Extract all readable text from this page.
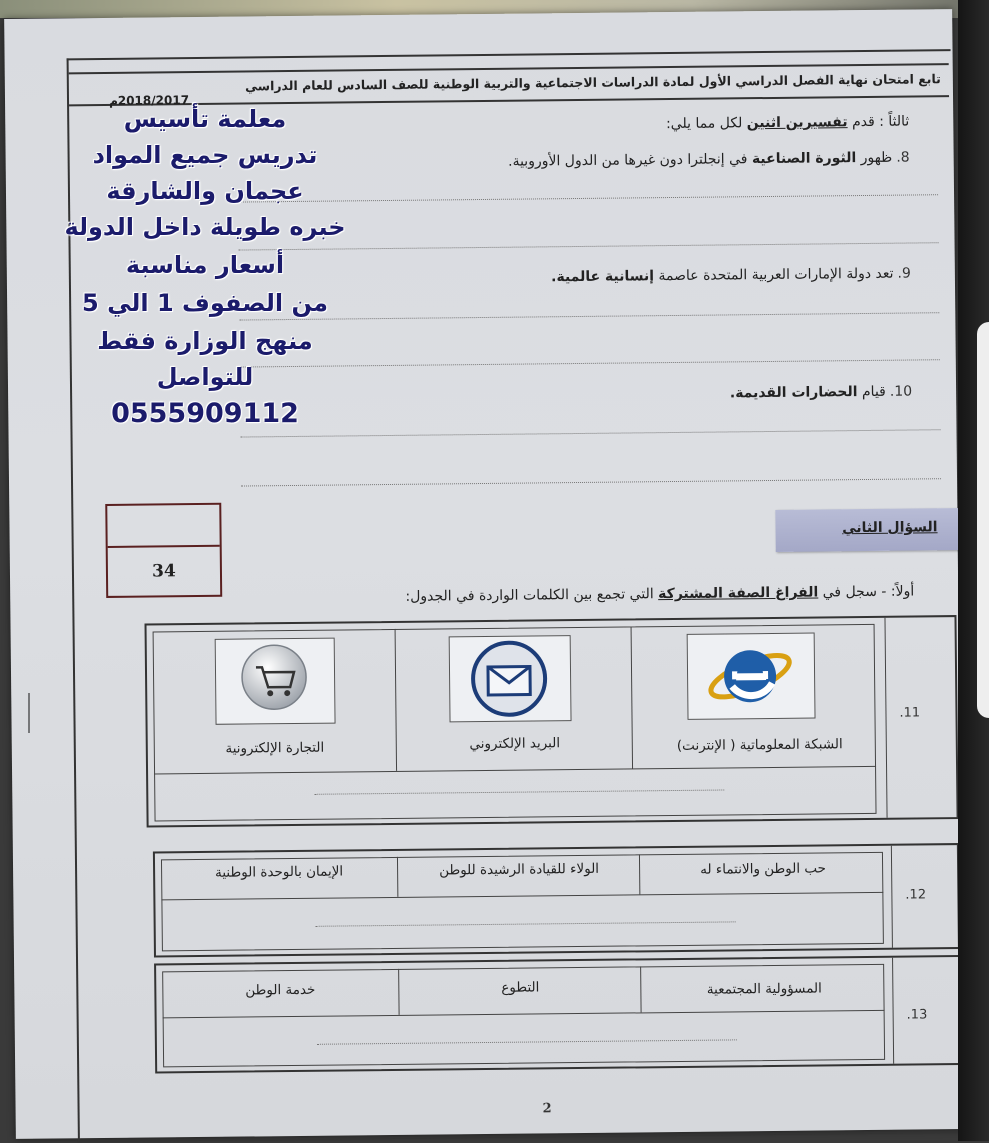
تابع امتحان نهاية الفصل الدراسي الأول لمادة الدراسات الاجتماعية والتربية الوطنية للصف السادس للعام الدراسي
2018/2017م
ثالثاً : قدم تفسيرين اثنين لكل مما يلي:
8.ظهور الثورة الصناعية في إنجلترا دون غيرها من الدول الأوروبية.
9.تعد دولة الإمارات العربية المتحدة عاصمة إنسانية عالمية.
10.قيام الحضارات القديمة.
34
السؤال الثاني
أولاً: - سجل في الفراغ الصفة المشتركة التي تجمع بين الكلمات الواردة في الجدول:
.11
الشبكة المعلوماتية ( الإنترنت)
البريد الإلكتروني
التجارة الإلكترونية
.12
حب الوطن والانتماء له
الولاء للقيادة الرشيدة للوطن
الإيمان بالوحدة الوطنية
.13
المسؤولية المجتمعية
التطوع
خدمة الوطن
2
معلمة تأسيس
تدريس جميع المواد
عجمان والشارقة
خبره طويلة داخل الدولة
أسعار مناسبة
من الصفوف 1 الي 5
منهج الوزارة فقط
للتواصل
0555909112
